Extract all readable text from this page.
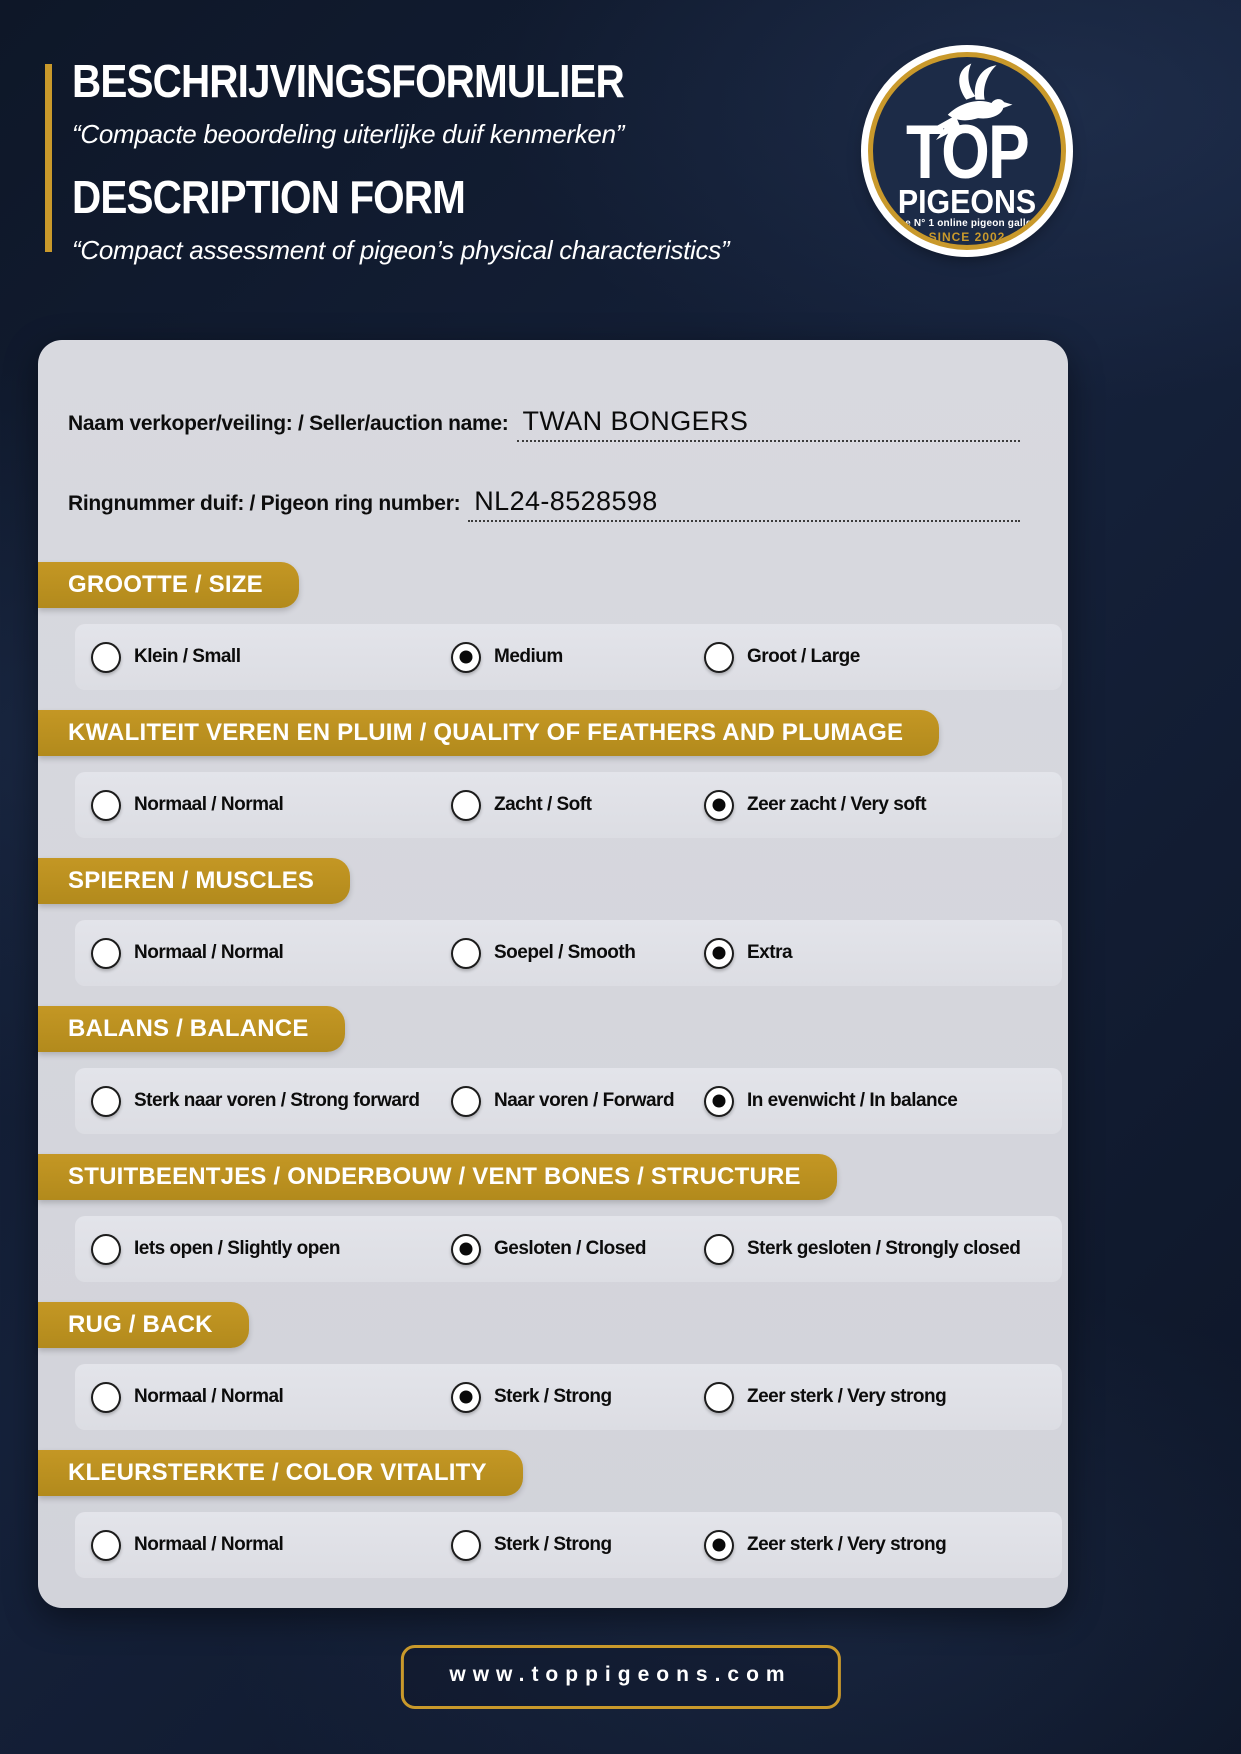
BESCHRIJVINGSFORMULIER
“Compacte beoordeling uiterlijke duif kenmerken”
DESCRIPTION FORM
“Compact assessment of pigeon’s physical characteristics”
TOP
PIGEONS
The N° 1 online pigeon gallery
SINCE 2002
Naam verkoper/veiling: / Seller/auction name: TWAN BONGERS
Ringnummer duif: / Pigeon ring number: NL24-8528598
GROOTTE / SIZE
Klein / Small	Medium	Groot / Large
KWALITEIT VEREN EN PLUIM / QUALITY OF FEATHERS AND PLUMAGE
Normaal / Normal	Zacht / Soft	Zeer zacht / Very soft
SPIEREN / MUSCLES
Normaal / Normal	Soepel / Smooth	Extra
BALANS / BALANCE
Sterk naar voren / Strong forward	Naar voren / Forward	In evenwicht / In balance
STUITBEENTJES / ONDERBOUW / VENT BONES / STRUCTURE
Iets open / Slightly open	Gesloten / Closed	Sterk gesloten / Strongly closed
RUG / BACK
Normaal / Normal	Sterk / Strong	Zeer sterk / Very strong
KLEURSTERKTE / COLOR VITALITY
Normaal / Normal	Sterk / Strong	Zeer sterk / Very strong
www.toppigeons.com
